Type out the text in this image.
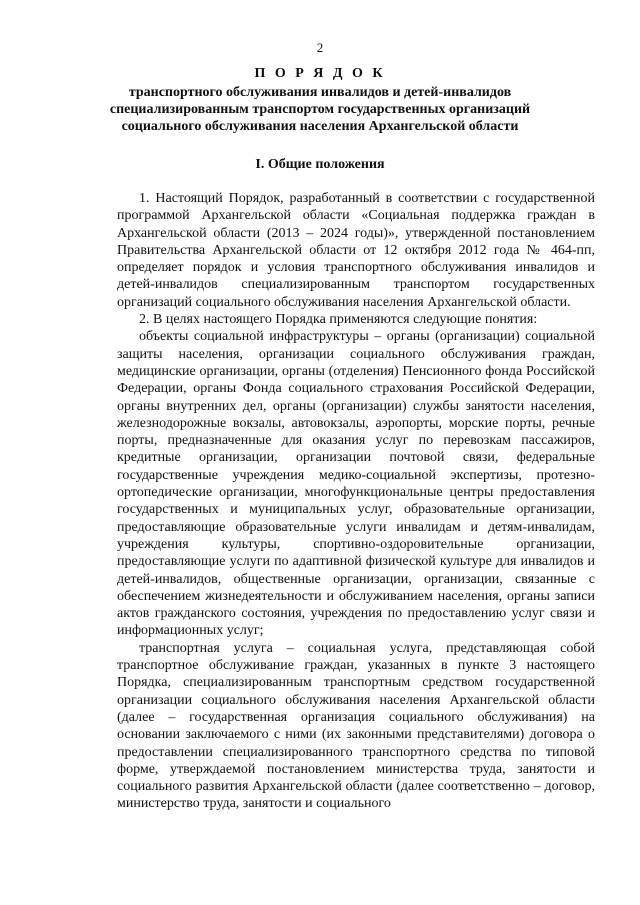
2
П О Р Я Д О К
транспортного обслуживания инвалидов и детей-инвалидов специализированным транспортом государственных организаций социального обслуживания населения Архангельской области
I. Общие положения

1. Настоящий Порядок, разработанный в соответствии с государственной программой Архангельской области «Социальная поддержка граждан в Архангельской области (2013 – 2024 годы)», утвержденной постановлением Правительства Архангельской области от 12 октября 2012 года № 464-пп, определяет порядок и условия транспортного обслуживания инвалидов и детей-инвалидов специализированным транспортом государственных организаций социального обслуживания населения Архангельской области.

2. В целях настоящего Порядка применяются следующие понятия:

объекты социальной инфраструктуры – органы (организации) социальной защиты населения, организации социального обслуживания граждан, медицинские организации, органы (отделения) Пенсионного фонда Российской Федерации, органы Фонда социального страхования Российской Федерации, органы внутренних дел, органы (организации) службы занятости населения, железнодорожные вокзалы, автовокзалы, аэропорты, морские порты, речные порты, предназначенные для оказания услуг по перевозкам пассажиров, кредитные организации, организации почтовой связи, федеральные государственные учреждения медико-социальной экспертизы, протезно-ортопедические организации, многофункциональные центры предоставления государственных и муниципальных услуг, образовательные организации, предоставляющие образовательные услуги инвалидам и детям-инвалидам, учреждения культуры, спортивно-оздоровительные организации, предоставляющие услуги по адаптивной физической культуре для инвалидов и детей-инвалидов, общественные организации, организации, связанные с обеспечением жизнедеятельности и обслуживанием населения, органы записи актов гражданского состояния, учреждения по предоставлению услуг связи и информационных услуг;

транспортная услуга – социальная услуга, представляющая собой транспортное обслуживание граждан, указанных в пункте 3 настоящего Порядка, специализированным транспортным средством государственной организации социального обслуживания населения Архангельской области (далее – государственная организация социального обслуживания) на основании заключаемого с ними (их законными представителями) договора о предоставлении специализированного транспортного средства по типовой форме, утверждаемой постановлением министерства труда, занятости и социального развития Архангельской области (далее соответственно – договор, министерство труда, занятости и социального
